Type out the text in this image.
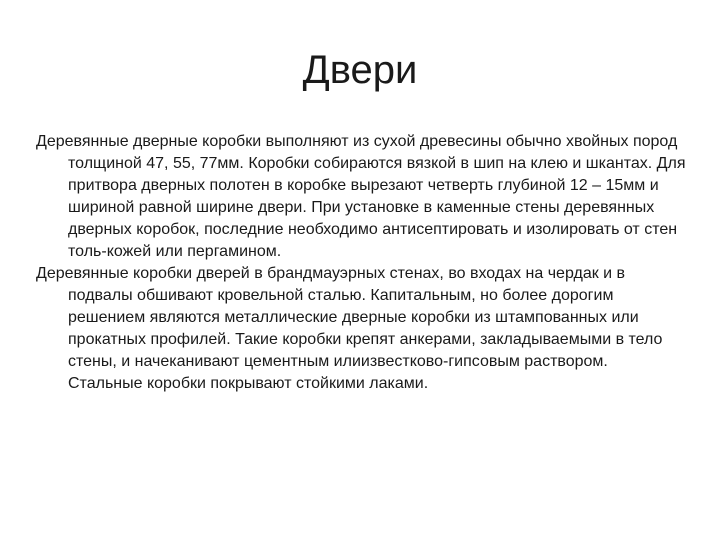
Двери

Деревянные дверные коробки выполняют из сухой древесины обычно хвойных пород толщиной 47, 55, 77мм. Коробки собираются вязкой в шип на клею и шкантах. Для притвора дверных полотен в коробке вырезают четверть глубиной 12 – 15мм и шириной равной ширине двери. При установке в каменные стены деревянных дверных коробок, последние необходимо антисептировать и изолировать от стен толь-кожей или пергамином.

Деревянные коробки дверей в брандмауэрных стенах, во входах на чердак и в подвалы обшивают кровельной сталью. Капитальным, но более дорогим решением являются металлические дверные коробки из штампованных или прокатных профилей. Такие коробки крепят анкерами, закладываемыми в тело стены, и начеканивают цементным илиизвестково-гипсовым раствором. Стальные коробки покрывают стойкими лаками.
